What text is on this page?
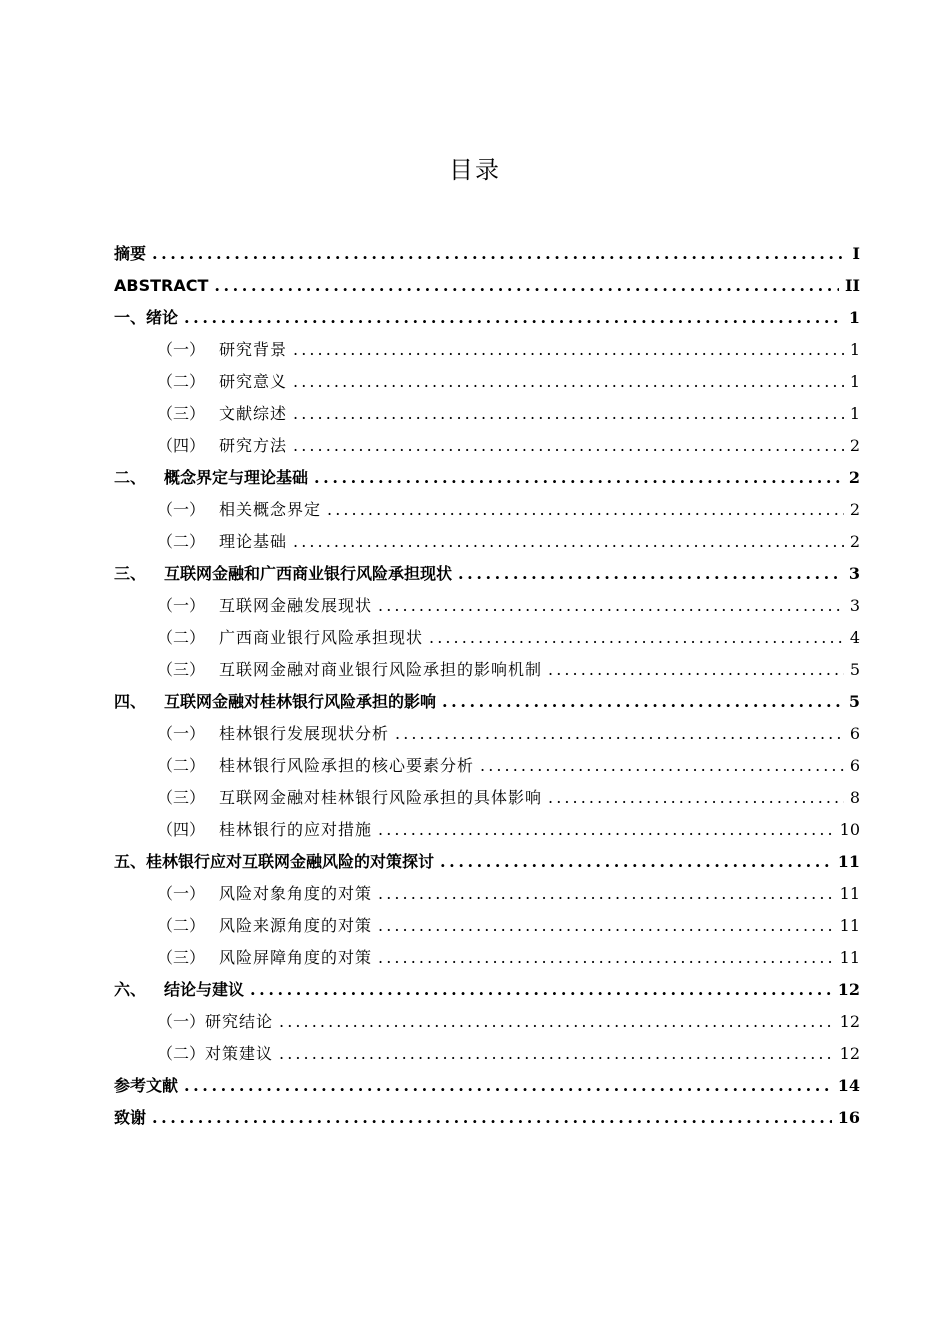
目录
摘要 . . .	I
ABSTRACT . . .	II
一、 绪论 . . .	1
（一） 研究背景 . . .	1
（二） 研究意义 . . .	1
（三） 文献综述 . . .	1
（四） 研究方法 . . .	2
二、 概念界定与理论基础 . . .	2
（一） 相关概念界定 . . .	2
（二） 理论基础 . . .	2
三、 互联网金融和广西商业银行风险承担现状 . . .	3
（一） 互联网金融发展现状 . . .	3
（二） 广西商业银行风险承担现状 . . .	4
（三） 互联网金融对商业银行风险承担的影响机制 . . .	5
四、 互联网金融对桂林银行风险承担的影响 . . .	5
（一） 桂林银行发展现状分析 . . .	6
（二） 桂林银行风险承担的核心要素分析 . . .	6
（三） 互联网金融对桂林银行风险承担的具体影响 . . .	8
（四） 桂林银行的应对措施 . . .	10
五、 桂林银行应对互联网金融风险的对策探讨 . . .	11
（一） 风险对象角度的对策 . . .	11
（二） 风险来源角度的对策 . . .	11
（三） 风险屏障角度的对策 . . .	11
六、 结论与建议 . . .	12
（一） 研究结论 . . .	12
（二） 对策建议 . . .	12
参考文献 . . .	14
致谢 . . .	16
